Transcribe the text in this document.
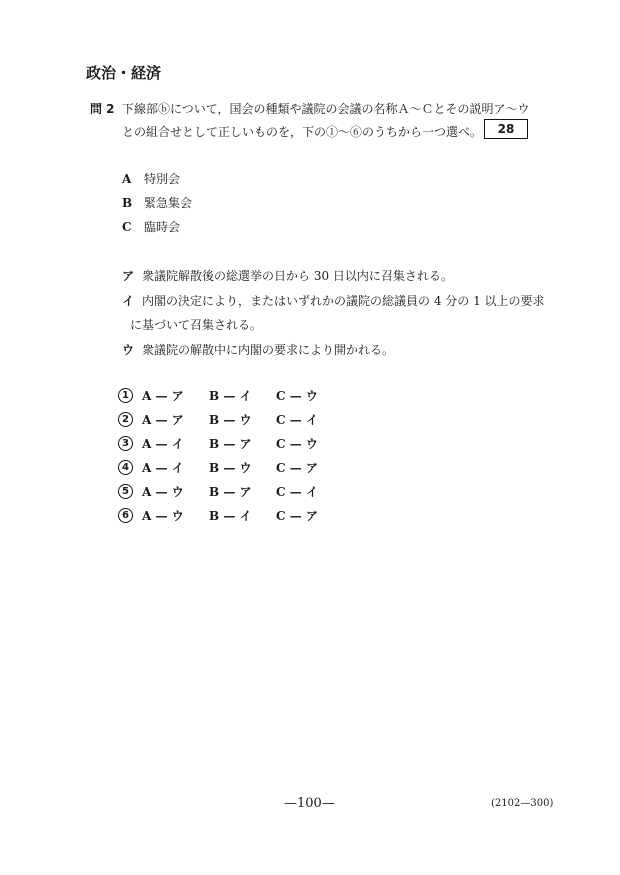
政治・経済
問 2 下線部ⓑについて，国会の種類や議院の会議の名称Ａ～Ｃとその説明ア～ウ
との組合せとして正しいものを，下の①～⑥のうちから一つ選べ。	28
A 特別会
B 緊急集会
C 臨時会
ア 衆議院解散後の総選挙の日から 30 日以内に召集される。
イ 内閣の決定により，またはいずれかの議院の総議員の 4 分の 1 以上の要求
に基づいて召集される。
ウ 衆議院の解散中に内閣の要求により開かれる。
1	A — ア	B — イ	C — ウ
2	A — ア	B — ウ	C — イ
3	A — イ	B — ア	C — ウ
4	A — イ	B — ウ	C — ア
5	A — ウ	B — ア	C — イ
6	A — ウ	B — イ	C — ア
—100—	(2102—300)
